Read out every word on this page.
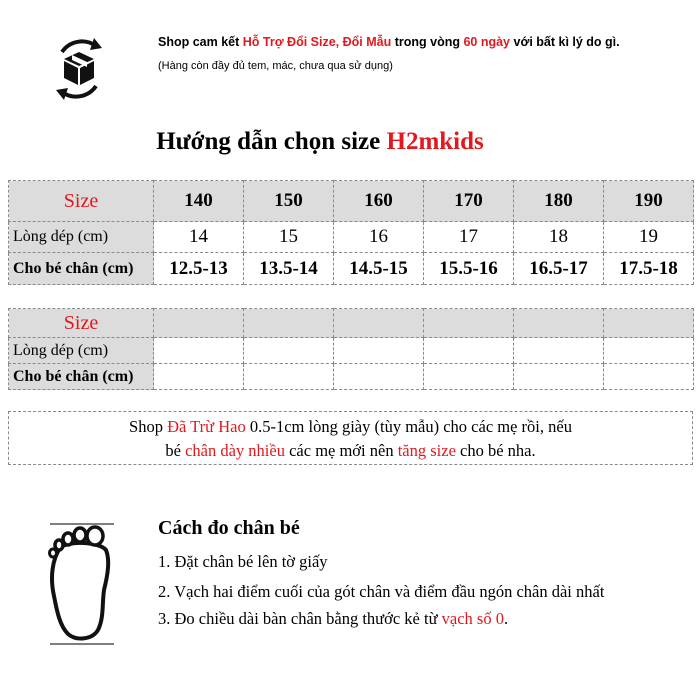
Shop cam kết Hỗ Trợ Đổi Size, Đổi Mẫu trong vòng 60 ngày với bất kì lý do gì.
(Hàng còn đầy đủ tem, mác, chưa qua sử dụng)
Hướng dẫn chọn size H2mkids
Size	140	150	160	170	180	190
Lòng dép (cm)	14	15	16	17	18	19
Cho bé chân (cm)	12.5-13	13.5-14	14.5-15	15.5-16	16.5-17	17.5-18
Size						
Lòng dép (cm)						
Cho bé chân (cm)						
Shop Đã Trừ Hao 0.5-1cm lòng giày (tùy mẫu) cho các mẹ rồi, nếu
bé chân dày nhiều các mẹ mới nên tăng size cho bé nha.
Cách đo chân bé
1. Đặt chân bé lên tờ giấy
2. Vạch hai điểm cuối của gót chân và điểm đầu ngón chân dài nhất
3. Đo chiều dài bàn chân bằng thước kẻ từ vạch số 0.
